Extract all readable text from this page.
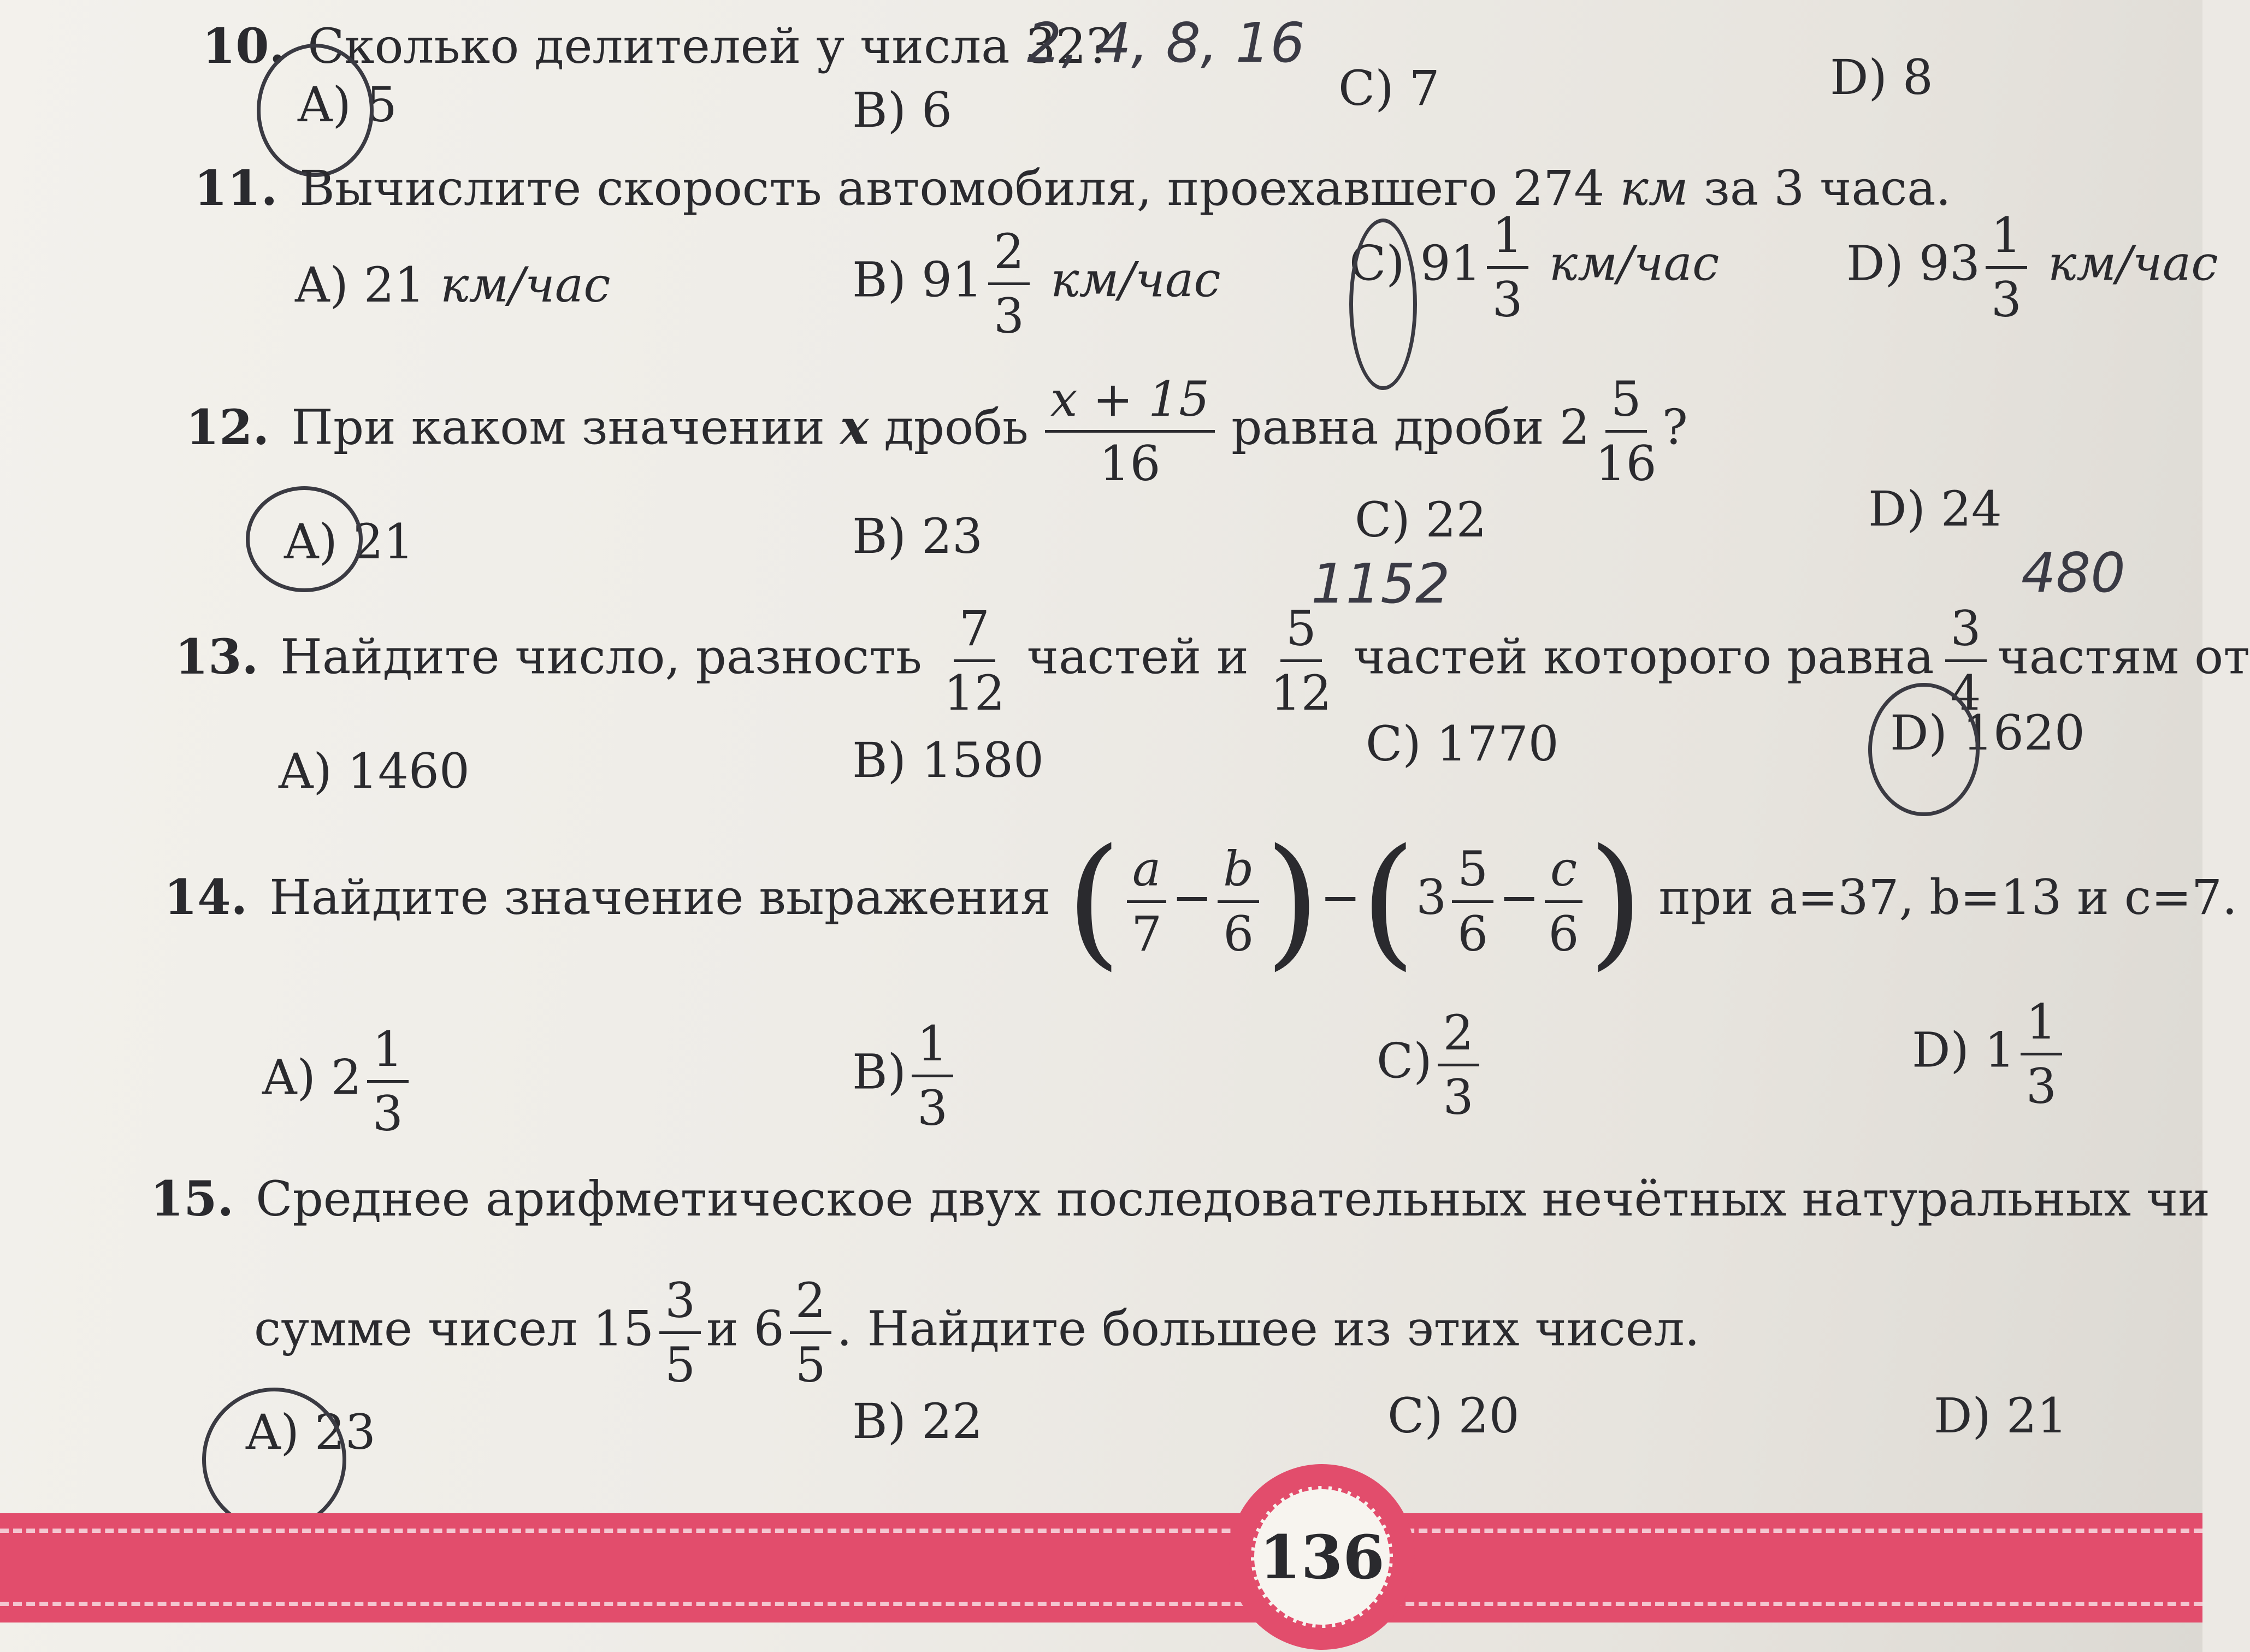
10. Сколько делителей у числа 32?
2, 4, 8, 16
A) 5	B) 6	C) 7	D) 8
11. Вычислите скорость автомобиля, проехавшего 274 км за 3 часа.
A) 21 км/час	B) $91 \frac{2}{3} км/час$	C) $91 \frac{1}{3} км/час$	D) $93 \frac{1}{3} км/час$
12. При каком значении x дробь $\frac{x + 15}{16}$ равна дроби $2 \frac{5}{16}$ ?
A) 21	B) 23	C) 22	D) 24
1152	480
13. Найдите число, разность $\frac{7}{12}$ частей и $\frac{5}{12}$ частей которого равна $\frac{3}{4}$ частям от
A) 1460	B) 1580	C) 1770	D) 1620
14. Найдите значение выражения ( $\frac{a}{7} - \frac{b}{6} )-(3 \frac{5}{6} - \frac{c}{6}$ ) при a=37, b=13 и c=7.
A) $2 \frac{1}{3}$	$B) \frac{1}{3}$	$C) \frac{2}{3}$	D) $1 \frac{1}{3}$
15. Среднее арифметическое двух последовательных нечётных натуральных чи
сумме чисел $15 \frac{3}{5}$ и $6 \frac{2}{5}$ . Найдите большее из этих чисел.
A) 23	B) 22	C) 20	D) 21
136
